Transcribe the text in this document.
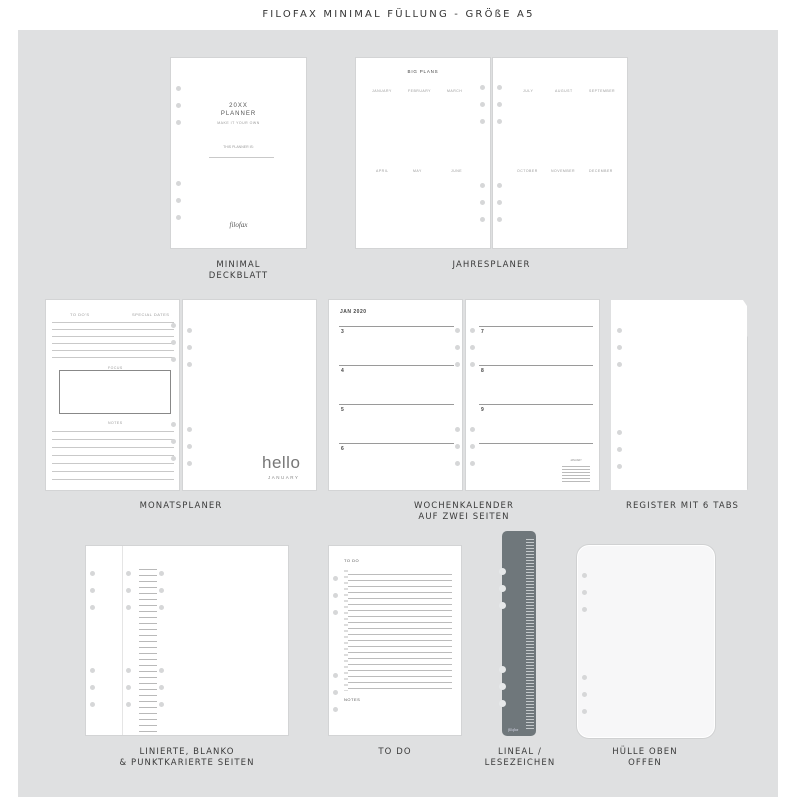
FILOFAX MINIMAL FÜLLUNG - GRÖßE A5
20XX
PLANNER
MAKE IT YOUR OWN
THIS PLANNER IS:
filofax
MINIMAL
DECKBLATT
BIG PLANS
JANUARY	FEBRUARY	MARCH
APRIL	MAY	JUNE
JULY	AUGUST	SEPTEMBER
OCTOBER	NOVEMBER	DECEMBER
JAHRESPLANER
TO DO'S	SPECIAL DATES
FOCUS
NOTES
hello
JANUARY
MONATSPLANER
JAN 2020
3
4
5
6
7
8
9
JANUARY
WOCHENKALENDER
AUF ZWEI SEITEN
REGISTER MIT 6 TABS
LINIERTE, BLANKO
& PUNKTKARIERTE SEITEN
TO DO
NOTES
TO DO
filofax
LINEAL /
LESEZEICHEN
HÜLLE OBEN
OFFEN
